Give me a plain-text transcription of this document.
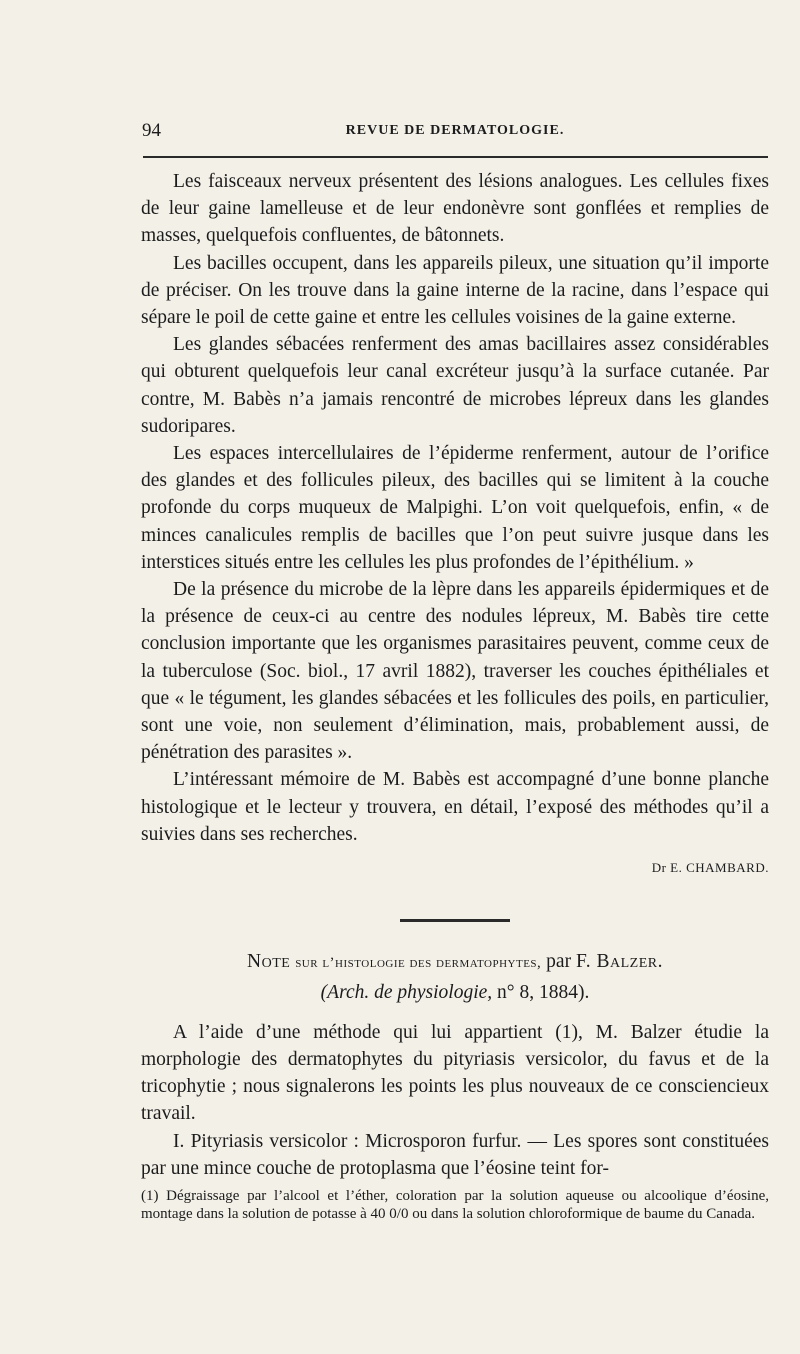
94	REVUE DE DERMATOLOGIE.

Les faisceaux nerveux présentent des lésions analogues. Les cellules fixes de leur gaine lamelleuse et de leur endonèvre sont gonflées et remplies de masses, quelquefois confluentes, de bâtonnets.

Les bacilles occupent, dans les appareils pileux, une situation qu’il importe de préciser. On les trouve dans la gaine interne de la racine, dans l’espace qui sépare le poil de cette gaine et entre les cellules voisines de la gaine externe.

Les glandes sébacées renferment des amas bacillaires assez considérables qui obturent quelquefois leur canal excréteur jusqu’à la surface cutanée. Par contre, M. Babès n’a jamais rencontré de microbes lépreux dans les glandes sudoripares.

Les espaces intercellulaires de l’épiderme renferment, autour de l’orifice des glandes et des follicules pileux, des bacilles qui se limitent à la couche profonde du corps muqueux de Malpighi. L’on voit quelquefois, enfin, « de minces canalicules remplis de bacilles que l’on peut suivre jusque dans les interstices situés entre les cellules les plus profondes de l’épithélium. »

De la présence du microbe de la lèpre dans les appareils épidermiques et de la présence de ceux-ci au centre des nodules lépreux, M. Babès tire cette conclusion importante que les organismes parasitaires peuvent, comme ceux de la tuberculose (Soc. biol., 17 avril 1882), traverser les couches épithéliales et que « le tégument, les glandes sébacées et les follicules des poils, en particulier, sont une voie, non seulement d’élimination, mais, probablement aussi, de pénétration des parasites ».

L’intéressant mémoire de M. Babès est accompagné d’une bonne planche histologique et le lecteur y trouvera, en détail, l’exposé des méthodes qu’il a suivies dans ses recherches.

Dr E. CHAMBARD.
Note sur l’histologie des dermatophytes, par F. Balzer.
(Arch. de physiologie, n° 8, 1884).

A l’aide d’une méthode qui lui appartient (1), M. Balzer étudie la morphologie des dermatophytes du pityriasis versicolor, du favus et de la tricophytie ; nous signalerons les points les plus nouveaux de ce consciencieux travail.

I. Pityriasis versicolor : Microsporon furfur. — Les spores sont constituées par une mince couche de protoplasma que l’éosine teint for-

(1) Dégraissage par l’alcool et l’éther, coloration par la solution aqueuse ou alcoolique d’éosine, montage dans la solution de potasse à 40 0/0 ou dans la solution chloroformique de baume du Canada.
